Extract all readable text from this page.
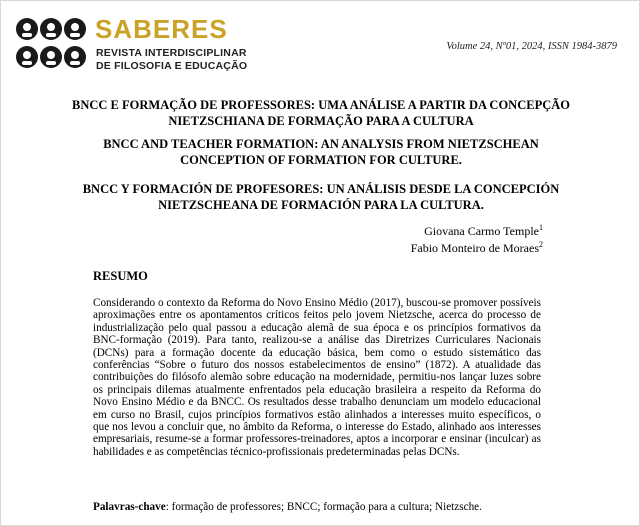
SABERES
REVISTA INTERDISCIPLINAR
DE FILOSOFIA E EDUCAÇÃO
Volume 24, Nº01, 2024, ISSN 1984-3879
BNCC E FORMAÇÃO DE PROFESSORES: UMA ANÁLISE A PARTIR DA CONCEPÇÃO NIETZSCHIANA DE FORMAÇÃO PARA A CULTURA
BNCC AND TEACHER FORMATION: AN ANALYSIS FROM NIETZSCHEAN CONCEPTION OF FORMATION FOR CULTURE.
BNCC Y FORMACIÓN DE PROFESORES: UN ANÁLISIS DESDE LA CONCEPCIÓN NIETZSCHEANA DE FORMACIÓN PARA LA CULTURA.
Giovana Carmo Temple$^1$
Fabio Monteiro de Moraes$^2$
RESUMO
Considerando o contexto da Reforma do Novo Ensino Médio (2017), buscou-se promover possíveis aproximações entre os apontamentos críticos feitos pelo jovem Nietzsche, acerca do processo de industrialização pelo qual passou a educação alemã de sua época e os princípios formativos da BNC-formação (2019). Para tanto, realizou-se a análise das Diretrizes Curriculares Nacionais (DCNs) para a formação docente da educação básica, bem como o estudo sistemático das conferências “Sobre o futuro dos nossos estabelecimentos de ensino” (1872). A atualidade das contribuições do filósofo alemão sobre educação na modernidade, permitiu-nos lançar luzes sobre os principais dilemas atualmente enfrentados pela educação brasileira a respeito da Reforma do Novo Ensino Médio e da BNCC. Os resultados desse trabalho denunciam um modelo educacional em curso no Brasil, cujos princípios formativos estão alinhados a interesses muito específicos, o que nos levou a concluir que, no âmbito da Reforma, o interesse do Estado, alinhado aos interesses empresariais, resume-se a formar professores-treinadores, aptos a incorporar e ensinar (inculcar) as habilidades e as competências técnico-profissionais predeterminadas pelas DCNs.
Palavras-chave: formação de professores; BNCC; formação para a cultura; Nietzsche.
